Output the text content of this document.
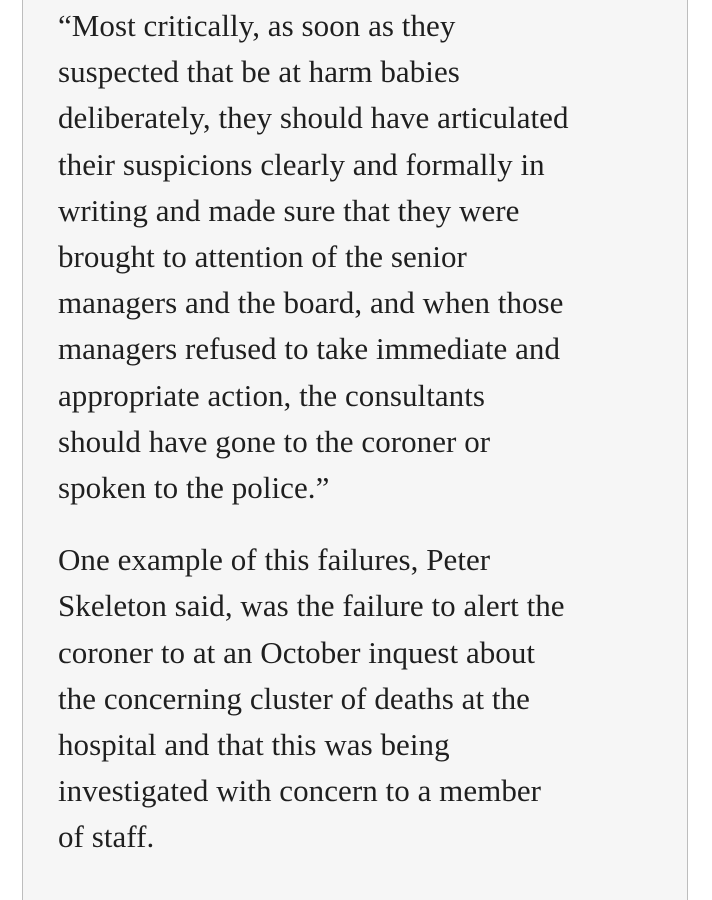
“Most critically, as soon as they
suspected that be at harm babies
deliberately, they should have articulated
their suspicions clearly and formally in
writing and made sure that they were
brought to attention of the senior
managers and the board, and when those
managers refused to take immediate and
appropriate action, the consultants
should have gone to the coroner or
spoken to the police.”

One example of this failures, Peter
Skeleton said, was the failure to alert the
coroner to at an October inquest about
the concerning cluster of deaths at the
hospital and that this was being
investigated with concern to a member
of staff.
